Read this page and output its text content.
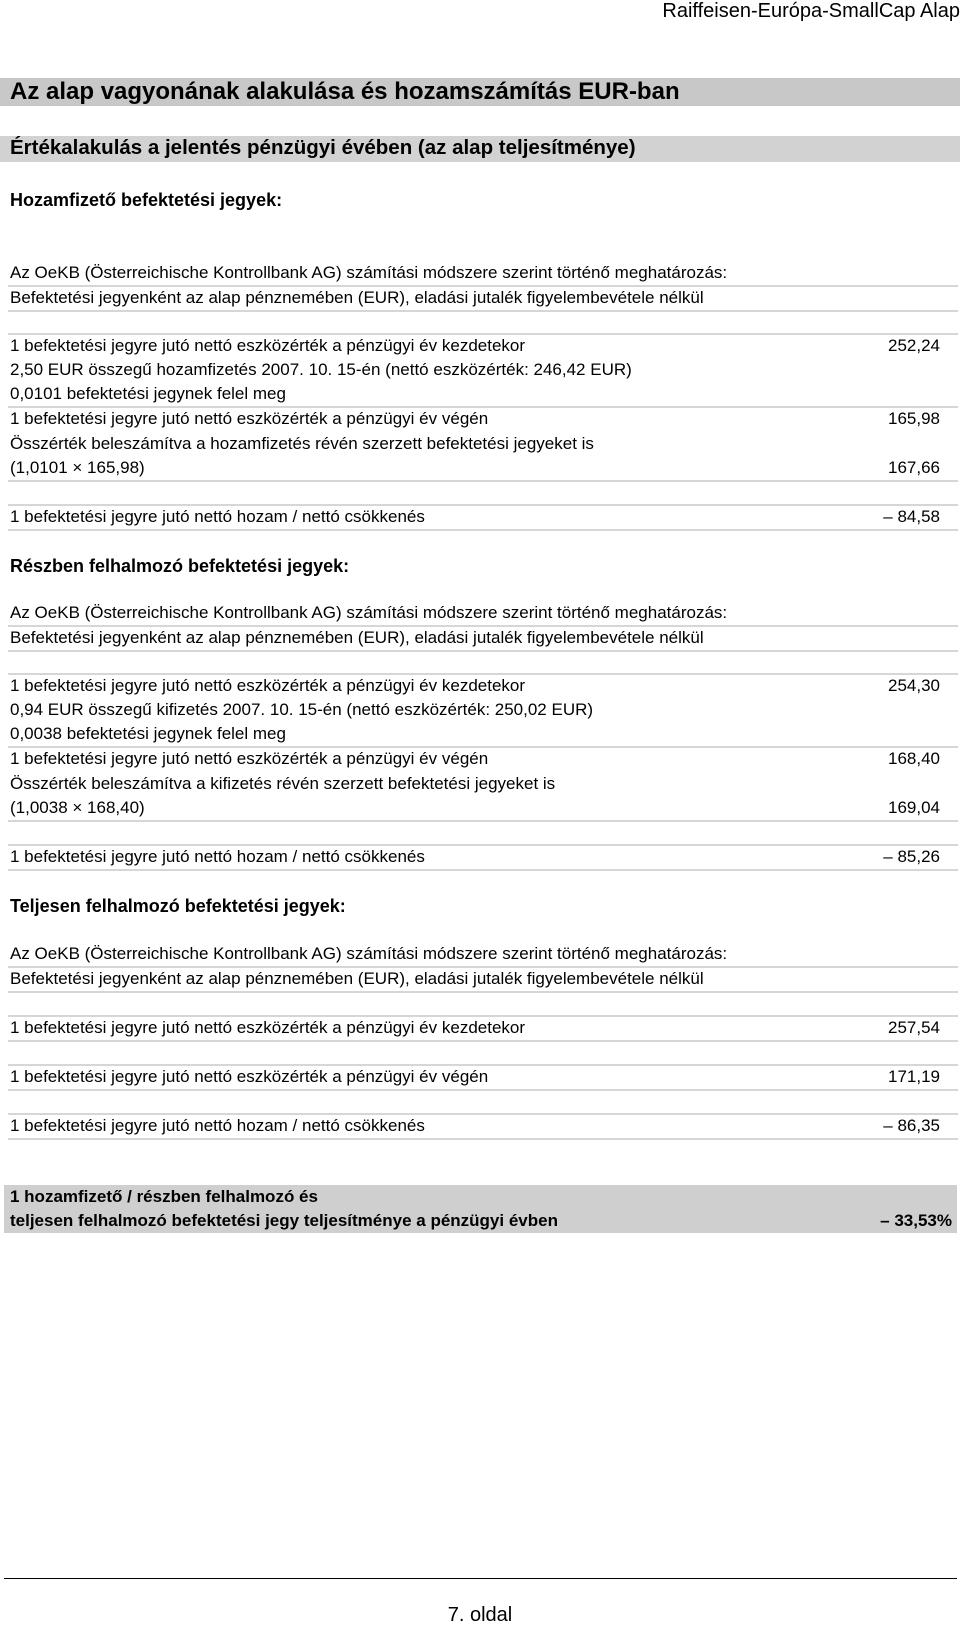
Raiffeisen-Európa-SmallCap Alap
Az alap vagyonának alakulása és hozamszámítás EUR-ban
Értékalakulás a jelentés pénzügyi évében (az alap teljesítménye)
Hozamfizető befektetési jegyek:
Az OeKB (Österreichische Kontrollbank AG) számítási módszere szerint történő meghatározás:
Befektetési jegyenként az alap pénznemében (EUR), eladási jutalék figyelembevétele nélkül
1 befektetési jegyre jutó nettó eszközérték a pénzügyi év kezdetekor	252,24
2,50 EUR összegű hozamfizetés 2007. 10. 15-én (nettó eszközérték: 246,42 EUR)
0,0101 befektetési jegynek felel meg
1 befektetési jegyre jutó nettó eszközérték a pénzügyi év végén	165,98
Összérték beleszámítva a hozamfizetés révén szerzett befektetési jegyeket is
(1,0101 × 165,98)	167,66
1 befektetési jegyre jutó nettó hozam / nettó csökkenés	– 84,58
Részben felhalmozó befektetési jegyek:
Az OeKB (Österreichische Kontrollbank AG) számítási módszere szerint történő meghatározás:
Befektetési jegyenként az alap pénznemében (EUR), eladási jutalék figyelembevétele nélkül
1 befektetési jegyre jutó nettó eszközérték a pénzügyi év kezdetekor	254,30
0,94 EUR összegű kifizetés 2007. 10. 15-én (nettó eszközérték: 250,02 EUR)
0,0038 befektetési jegynek felel meg
1 befektetési jegyre jutó nettó eszközérték a pénzügyi év végén	168,40
Összérték beleszámítva a kifizetés révén szerzett befektetési jegyeket is
(1,0038 × 168,40)	169,04
1 befektetési jegyre jutó nettó hozam / nettó csökkenés	– 85,26
Teljesen felhalmozó befektetési jegyek:
Az OeKB (Österreichische Kontrollbank AG) számítási módszere szerint történő meghatározás:
Befektetési jegyenként az alap pénznemében (EUR), eladási jutalék figyelembevétele nélkül
1 befektetési jegyre jutó nettó eszközérték a pénzügyi év kezdetekor	257,54
1 befektetési jegyre jutó nettó eszközérték a pénzügyi év végén	171,19
1 befektetési jegyre jutó nettó hozam / nettó csökkenés	– 86,35
1 hozamfizető / részben felhalmozó és
teljesen felhalmozó befektetési jegy teljesítménye a pénzügyi évben	– 33,53%
7. oldal
